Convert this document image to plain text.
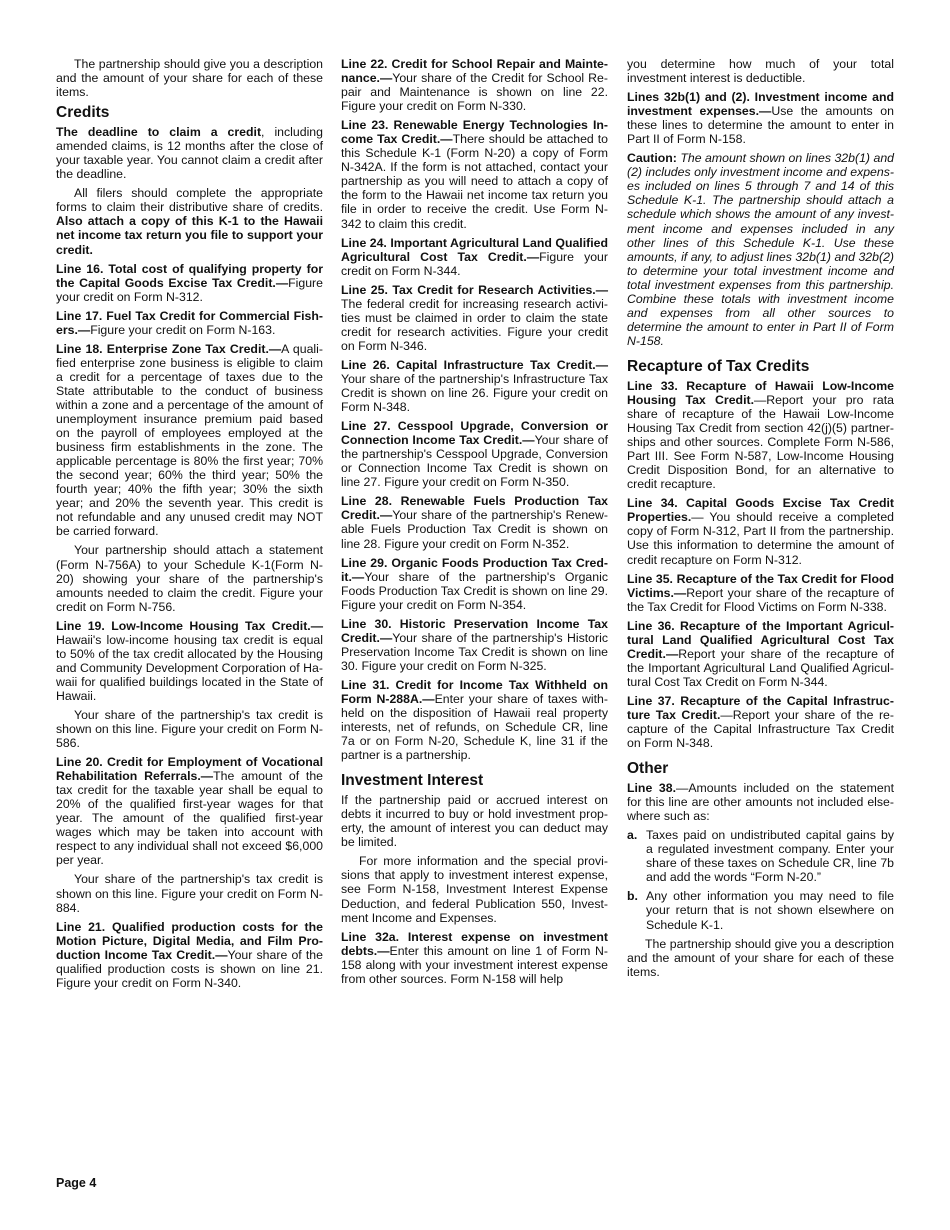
The partnership should give you a description and the amount of your share for each of these items.

Credits

The deadline to claim a credit, including amended claims, is 12 months after the close of your taxable year. You cannot claim a credit after the deadline.

All filers should complete the appropriate forms to claim their distributive share of credits. Also attach a copy of this K-1 to the Hawaii net income tax return you file to support your credit.

Line 16. Total cost of qualifying property for the Capital Goods Excise Tax Credit.—Figure your credit on Form N-312.

Line 17. Fuel Tax Credit for Commercial Fishers.—Figure your credit on Form N-163.

Line 18. Enterprise Zone Tax Credit.—A qualified enterprise zone business is eligible to claim a credit for a percentage of taxes due to the State attributable to the conduct of business within a zone and a percentage of the amount of unemployment insurance premium paid based on the payroll of employees employed at the business firm establishments in the zone. The applicable percentage is 80% the first year; 70% the second year; 60% the third year; 50% the fourth year; 40% the fifth year; 30% the sixth year; and 20% the seventh year. This credit is not refundable and any unused credit may NOT be carried forward.

Your partnership should attach a statement (Form N-756A) to your Schedule K-1(Form N-20) showing your share of the partnership's amounts needed to claim the credit. Figure your credit on Form N-756.

Line 19. Low-Income Housing Tax Credit.—Hawaii's low-income housing tax credit is equal to 50% of the tax credit allocated by the Housing and Community Development Corporation of Hawaii for qualified buildings located in the State of Hawaii.

Your share of the partnership's tax credit is shown on this line. Figure your credit on Form N-586.

Line 20. Credit for Employment of Vocational Rehabilitation Referrals.—The amount of the tax credit for the taxable year shall be equal to 20% of the qualified first-year wages for that year. The amount of the qualified first-year wages which may be taken into account with respect to any individual shall not exceed $6,000 per year.

Your share of the partnership's tax credit is shown on this line. Figure your credit on Form N-884.

Line 21. Qualified production costs for the Motion Picture, Digital Media, and Film Production Income Tax Credit.—Your share of the qualified production costs is shown on line 21. Figure your credit on Form N-340.

Line 22. Credit for School Repair and Maintenance.—Your share of the Credit for School Repair and Maintenance is shown on line 22. Figure your credit on Form N-330.

Line 23. Renewable Energy Technologies Income Tax Credit.—There should be attached to this Schedule K-1 (Form N-20) a copy of Form N-342A. If the form is not attached, contact your partnership as you will need to attach a copy of the form to the Hawaii net income tax return you file in order to receive the credit. Use Form N-342 to claim this credit.

Line 24. Important Agricultural Land Qualified Agricultural Cost Tax Credit.—Figure your credit on Form N-344.

Line 25. Tax Credit for Research Activities.—The federal credit for increasing research activities must be claimed in order to claim the state credit for research activities. Figure your credit on Form N-346.

Line 26. Capital Infrastructure Tax Credit.—Your share of the partnership's Infrastructure Tax Credit is shown on line 26. Figure your credit on Form N-348.

Line 27. Cesspool Upgrade, Conversion or Connection Income Tax Credit.—Your share of the partnership's Cesspool Upgrade, Conversion or Connection Income Tax Credit is shown on line 27. Figure your credit on Form N-350.

Line 28. Renewable Fuels Production Tax Credit.—Your share of the partnership's Renewable Fuels Production Tax Credit is shown on line 28. Figure your credit on Form N-352.

Line 29. Organic Foods Production Tax Credit.—Your share of the partnership's Organic Foods Production Tax Credit is shown on line 29. Figure your credit on Form N-354.

Line 30. Historic Preservation Income Tax Credit.—Your share of the partnership's Historic Preservation Income Tax Credit is shown on line 30. Figure your credit on Form N-325.

Line 31. Credit for Income Tax Withheld on Form N-288A.—Enter your share of taxes withheld on the disposition of Hawaii real property interests, net of refunds, on Schedule CR, line 7a or on Form N-20, Schedule K, line 31 if the partner is a partnership.

Investment Interest

If the partnership paid or accrued interest on debts it incurred to buy or hold investment property, the amount of interest you can deduct may be limited.

For more information and the special provisions that apply to investment interest expense, see Form N-158, Investment Interest Expense Deduction, and federal Publication 550, Investment Income and Expenses.

Line 32a. Interest expense on investment debts.—Enter this amount on line 1 of Form N-158 along with your investment interest expense from other sources. Form N-158 will help

you determine how much of your total investment interest is deductible.

Lines 32b(1) and (2). Investment income and investment expenses.—Use the amounts on these lines to determine the amount to enter in Part II of Form N-158.

Caution: The amount shown on lines 32b(1) and (2) includes only investment income and expenses included on lines 5 through 7 and 14 of this Schedule K-1. The partnership should attach a schedule which shows the amount of any investment income and expenses included in any other lines of this Schedule K-1. Use these amounts, if any, to adjust lines 32b(1) and 32b(2) to determine your total investment income and total investment expenses from this partnership. Combine these totals with investment income and expenses from all other sources to determine the amount to enter in Part II of Form N-158.

Recapture of Tax Credits

Line 33. Recapture of Hawaii Low-Income Housing Tax Credit.—Report your pro rata share of recapture of the Hawaii Low-Income Housing Tax Credit from section 42(j)(5) partnerships and other sources. Complete Form N-586, Part III. See Form N-587, Low-Income Housing Credit Disposition Bond, for an alternative to credit recapture.

Line 34. Capital Goods Excise Tax Credit Properties.— You should receive a completed copy of Form N-312, Part II from the partnership. Use this information to determine the amount of credit recapture on Form N-312.

Line 35. Recapture of the Tax Credit for Flood Victims.—Report your share of the recapture of the Tax Credit for Flood Victims on Form N-338.

Line 36. Recapture of the Important Agricultural Land Qualified Agricultural Cost Tax Credit.—Report your share of the recapture of the Important Agricultural Land Qualified Agricultural Cost Tax Credit on Form N-344.

Line 37. Recapture of the Capital Infrastructure Tax Credit.—Report your share of the recapture of the Capital Infrastructure Tax Credit on Form N-348.

Other

Line 38.—Amounts included on the statement for this line are other amounts not included elsewhere such as:

a. Taxes paid on undistributed capital gains by a regulated investment company. Enter your share of these taxes on Schedule CR, line 7b and add the words “Form N-20.”
b. Any other information you may need to file your return that is not shown elsewhere on Schedule K-1.

The partnership should give you a description and the amount of your share for each of these items.

Page 4
